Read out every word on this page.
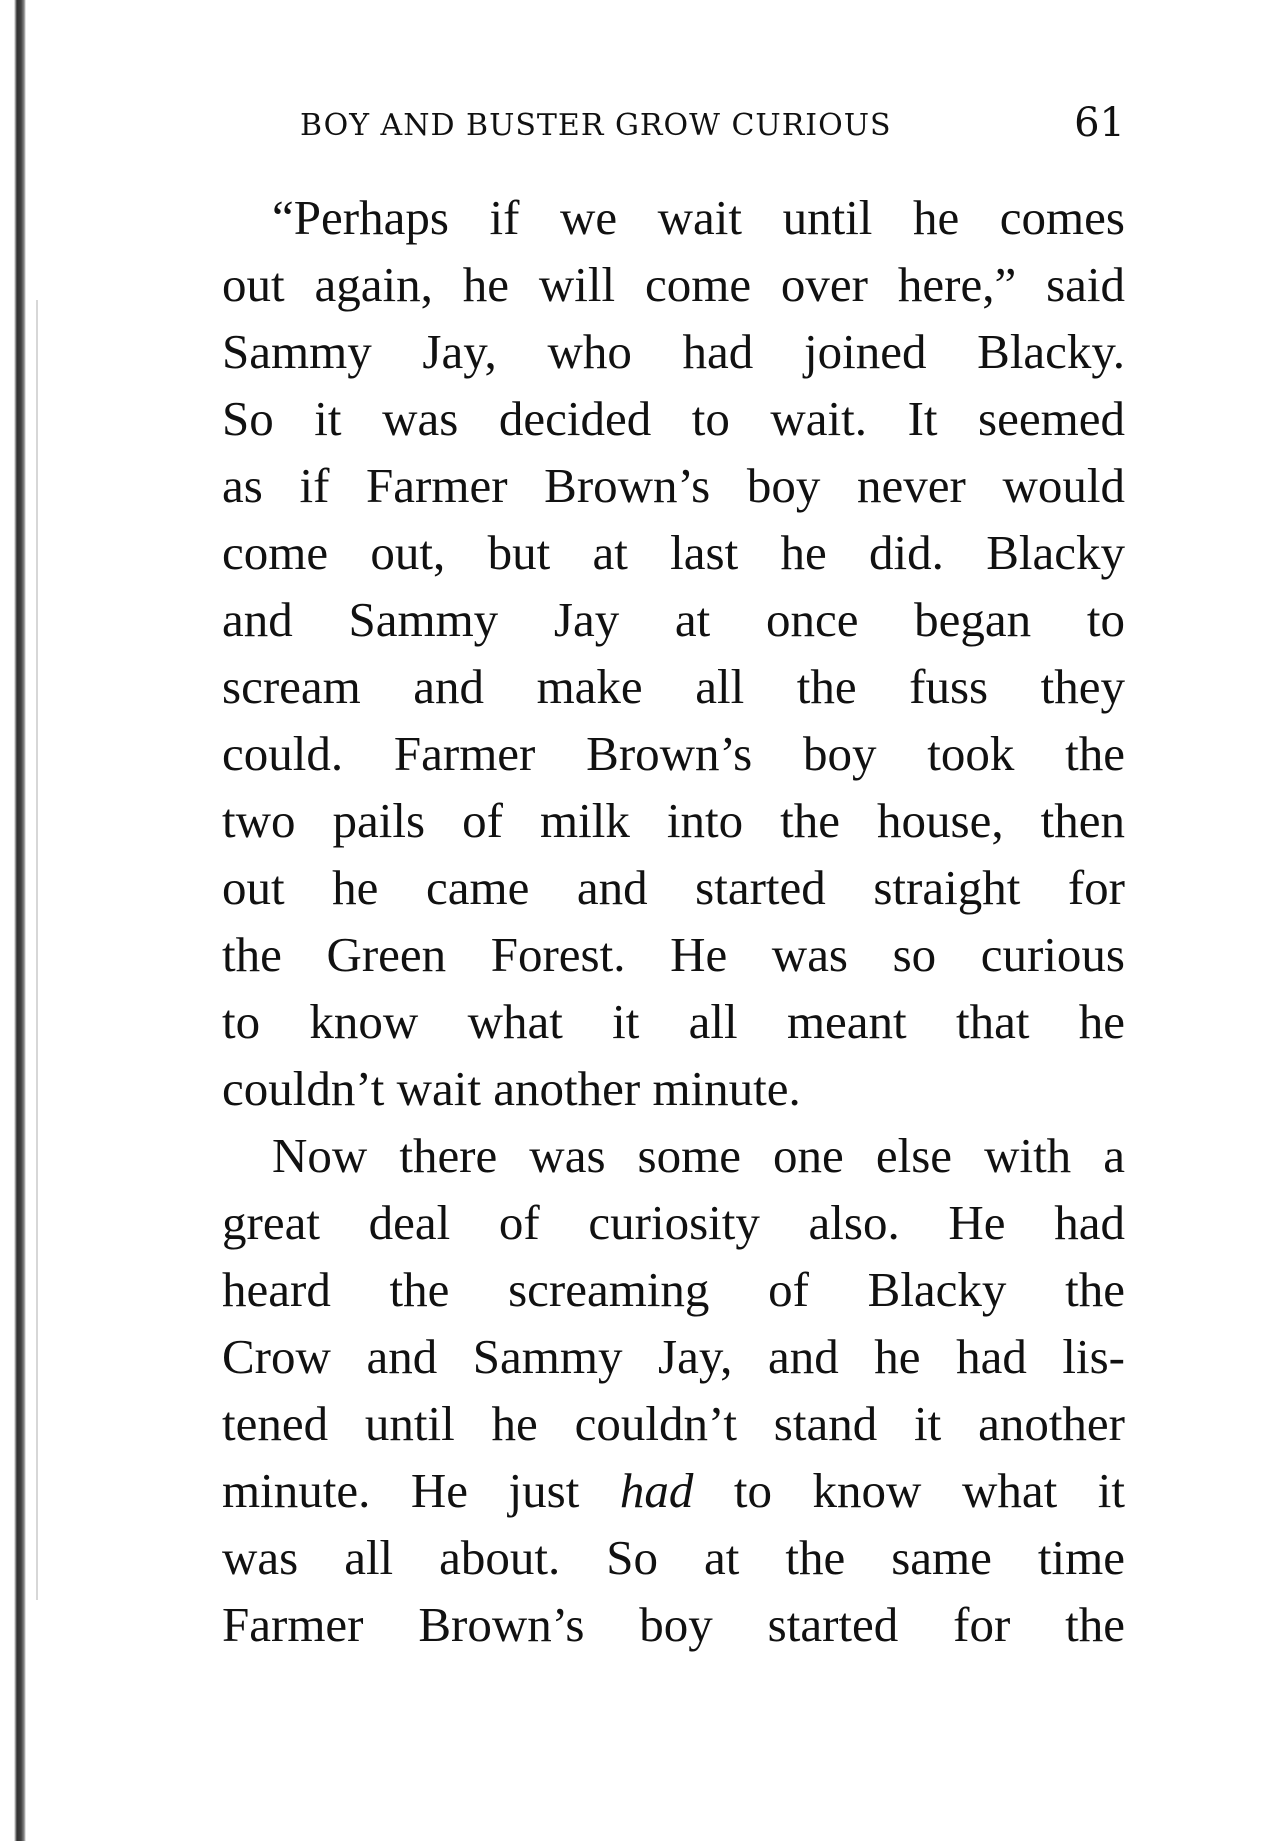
BOY AND BUSTER GROW CURIOUS	61
“Perhaps if we wait until he comes
out again, he will come over here,” said
Sammy Jay, who had joined Blacky.
So it was decided to wait. It seemed
as if Farmer Brown’s boy never would
come out, but at last he did. Blacky
and Sammy Jay at once began to
scream and make all the fuss they
could. Farmer Brown’s boy took the
two pails of milk into the house, then
out he came and started straight for
the Green Forest. He was so curious
to know what it all meant that he
couldn’t wait another minute.
Now there was some one else with a
great deal of curiosity also. He had
heard the screaming of Blacky the
Crow and Sammy Jay, and he had lis-
tened until he couldn’t stand it another
minute. He just had to know what it
was all about. So at the same time
Farmer Brown’s boy started for the
